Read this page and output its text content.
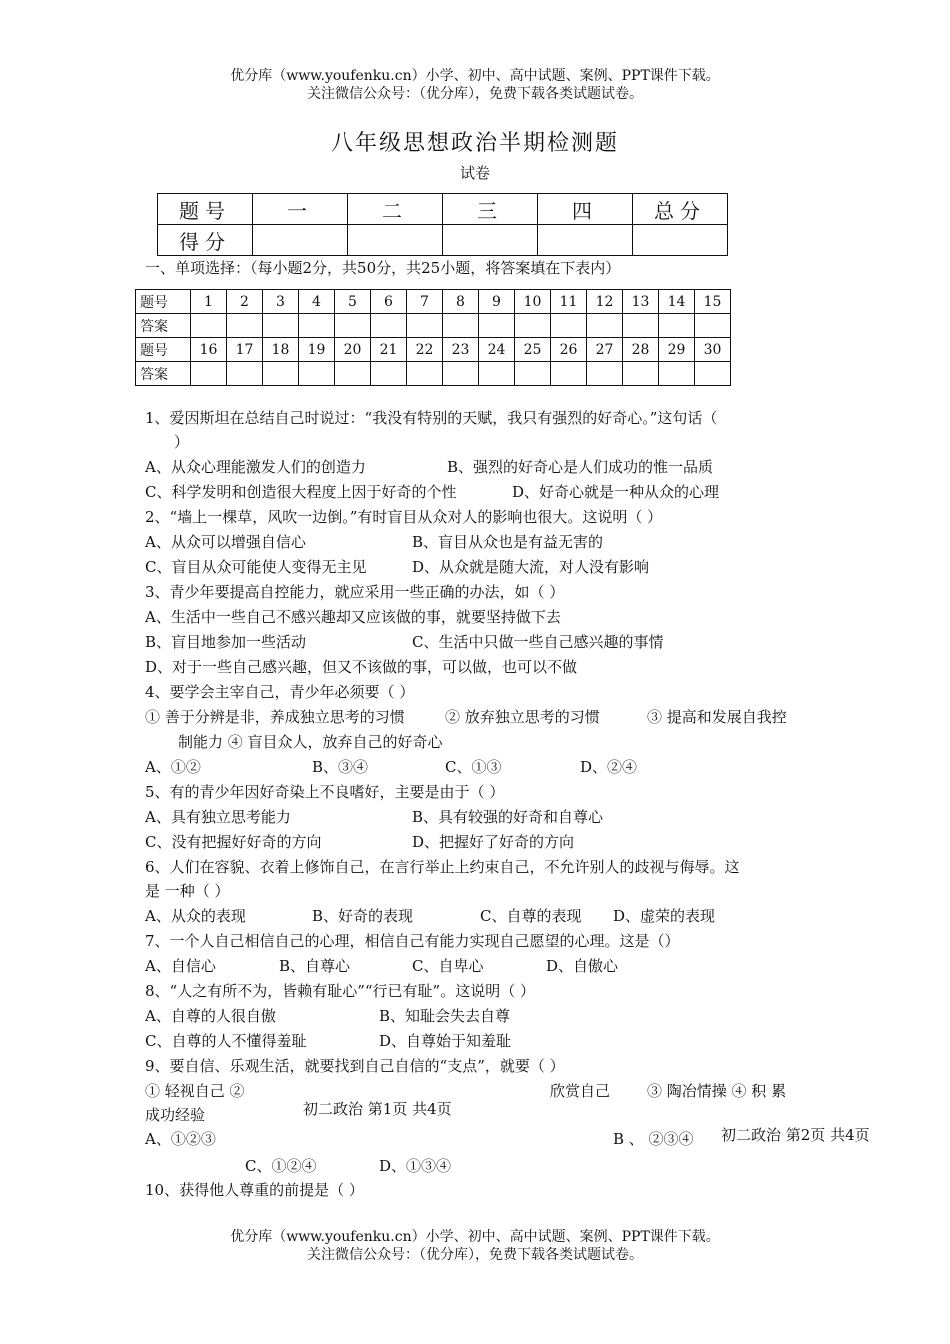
优分库（www.youfenku.cn）小学、初中、高中试题、案例、PPT课件下载。
关注微信公众号：（优分库），免费下载各类试题试卷。
八年级思想政治半期检测题
试卷
题号	一	二	三	四	总分
得分					
一、单项选择：（每小题2分，共50分，共25小题，将答案填在下表内）
题号	1	2	3	4	5	6	7	8	9	10	11	12	13	14	15
答案															
题号	16	17	18	19	20	21	22	23	24	25	26	27	28	29	30
答案															
1、爱因斯坦在总结自己时说过：“我没有特别的天赋，我只有强烈的好奇心。”这句话（
）
A、从众心理能激发人们的创造力	B、强烈的好奇心是人们成功的惟一品质
C、科学发明和创造很大程度上因于好奇的个性	D、好奇心就是一种从众的心理
2、“墙上一棵草，风吹一边倒。”有时盲目从众对人的影响也很大。这说明（ ）
A、从众可以增强自信心	B、盲目从众也是有益无害的
C、盲目从众可能使人变得无主见	D、从众就是随大流，对人没有影响
3、青少年要提高自控能力，就应采用一些正确的办法，如（ ）
A、生活中一些自己不感兴趣却又应该做的事，就要坚持做下去
B、盲目地参加一些活动	C、生活中只做一些自己感兴趣的事情
D、对于一些自己感兴趣，但又不该做的事，可以做，也可以不做
4、要学会主宰自己，青少年必须要（ ）
① 善于分辨是非，养成独立思考的习惯	② 放弃独立思考的习惯	③ 提高和发展自我控
制能力 ④ 盲目众人，放弃自己的好奇心
A、①②	B、③④	C、①③	D、②④
5、有的青少年因好奇染上不良嗜好，主要是由于（ ）
A、具有独立思考能力	B、具有较强的好奇和自尊心
C、没有把握好好奇的方向	D、把握好了好奇的方向
6、人们在容貌、衣着上修饰自己，在言行举止上约束自己，不允许别人的歧视与侮辱。这
是 一种（ ）
A、从众的表现	B、好奇的表现	C、自尊的表现 D、虚荣的表现
7、一个人自己相信自己的心理，相信自己有能力实现自己愿望的心理。这是（）
A、自信心	B、自尊心	C、自卑心	D、自傲心
8、“人之有所不为，皆赖有耻心”“行已有耻”。这说明（ ）
A、自尊的人很自傲	B、知耻会失去自尊
C、自尊的人不懂得羞耻	D、自尊始于知羞耻
9、要自信、乐观生活，就要找到自己自信的“支点”，就要（ ）
① 轻视自己 ②	欣赏自己 ③ 陶冶情操 ④ 积 累
成功经验	初二政治 第1页 共4页
A、①②③	B 、 ②③④ 初二政治 第2页 共4页
C、①②④	D、①③④
10、获得他人尊重的前提是（ ）
优分库（www.youfenku.cn）小学、初中、高中试题、案例、PPT课件下载。
关注微信公众号：（优分库），免费下载各类试题试卷。
